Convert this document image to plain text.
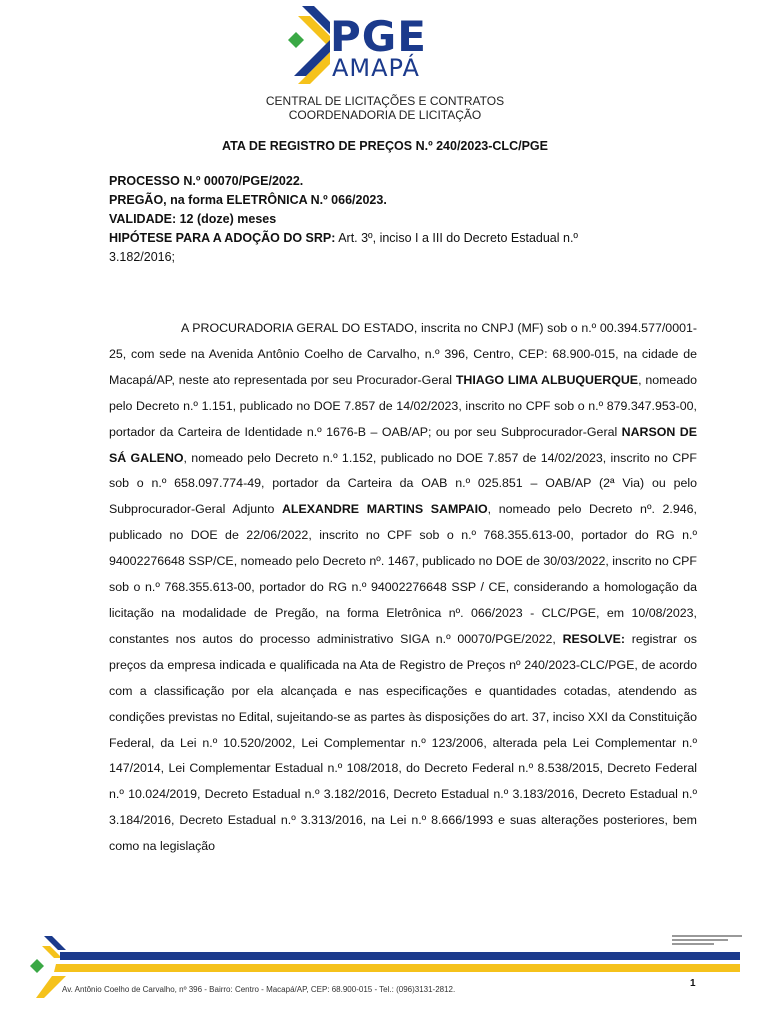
PGE
AMAPÁ
CENTRAL DE LICITAÇÕES E CONTRATOS
COORDENADORIA DE LICITAÇÃO
ATA DE REGISTRO DE PREÇOS N.º 240/2023-CLC/PGE
PROCESSO N.º 00070/PGE/2022.
PREGÃO, na forma ELETRÔNICA N.º 066/2023.
VALIDADE: 12 (doze) meses
HIPÓTESE PARA A ADOÇÃO DO SRP: Art. 3º, inciso I a III do Decreto Estadual n.º 3.182/2016;
A PROCURADORIA GERAL DO ESTADO, inscrita no CNPJ (MF) sob o n.º 00.394.577/0001-25, com sede na Avenida Antônio Coelho de Carvalho, n.º 396, Centro, CEP: 68.900-015, na cidade de Macapá/AP, neste ato representada por seu Procurador-Geral THIAGO LIMA ALBUQUERQUE, nomeado pelo Decreto n.º 1.151, publicado no DOE 7.857 de 14/02/2023, inscrito no CPF sob o n.º 879.347.953-00, portador da Carteira de Identidade n.º 1676-B – OAB/AP; ou por seu Subprocurador-Geral NARSON DE SÁ GALENO, nomeado pelo Decreto n.º 1.152, publicado no DOE 7.857 de 14/02/2023, inscrito no CPF sob o n.º 658.097.774-49, portador da Carteira da OAB n.º 025.851 – OAB/AP (2ª Via) ou pelo Subprocurador-Geral Adjunto ALEXANDRE MARTINS SAMPAIO, nomeado pelo Decreto nº. 2.946, publicado no DOE de 22/06/2022, inscrito no CPF sob o n.º 768.355.613-00, portador do RG n.º 94002276648 SSP/CE, nomeado pelo Decreto nº. 1467, publicado no DOE de 30/03/2022, inscrito no CPF sob o n.º 768.355.613-00, portador do RG n.º 94002276648 SSP / CE, considerando a homologação da licitação na modalidade de Pregão, na forma Eletrônica nº. 066/2023 - CLC/PGE, em 10/08/2023, constantes nos autos do processo administrativo SIGA n.º 00070/PGE/2022, RESOLVE: registrar os preços da empresa indicada e qualificada na Ata de Registro de Preços nº 240/2023-CLC/PGE, de acordo com a classificação por ela alcançada e nas especificações e quantidades cotadas, atendendo as condições previstas no Edital, sujeitando-se as partes às disposições do art. 37, inciso XXI da Constituição Federal, da Lei n.º 10.520/2002, Lei Complementar n.º 123/2006, alterada pela Lei Complementar n.º 147/2014, Lei Complementar Estadual n.º 108/2018, do Decreto Federal n.º 8.538/2015, Decreto Federal n.º 10.024/2019, Decreto Estadual n.º 3.182/2016, Decreto Estadual n.º 3.183/2016, Decreto Estadual n.º 3.184/2016, Decreto Estadual n.º 3.313/2016, na Lei n.º 8.666/1993 e suas alterações posteriores, bem como na legislação
Av. Antônio Coelho de Carvalho, nº 396 - Bairro: Centro - Macapá/AP, CEP: 68.900-015 - Tel.: (096)3131-2812.
1
